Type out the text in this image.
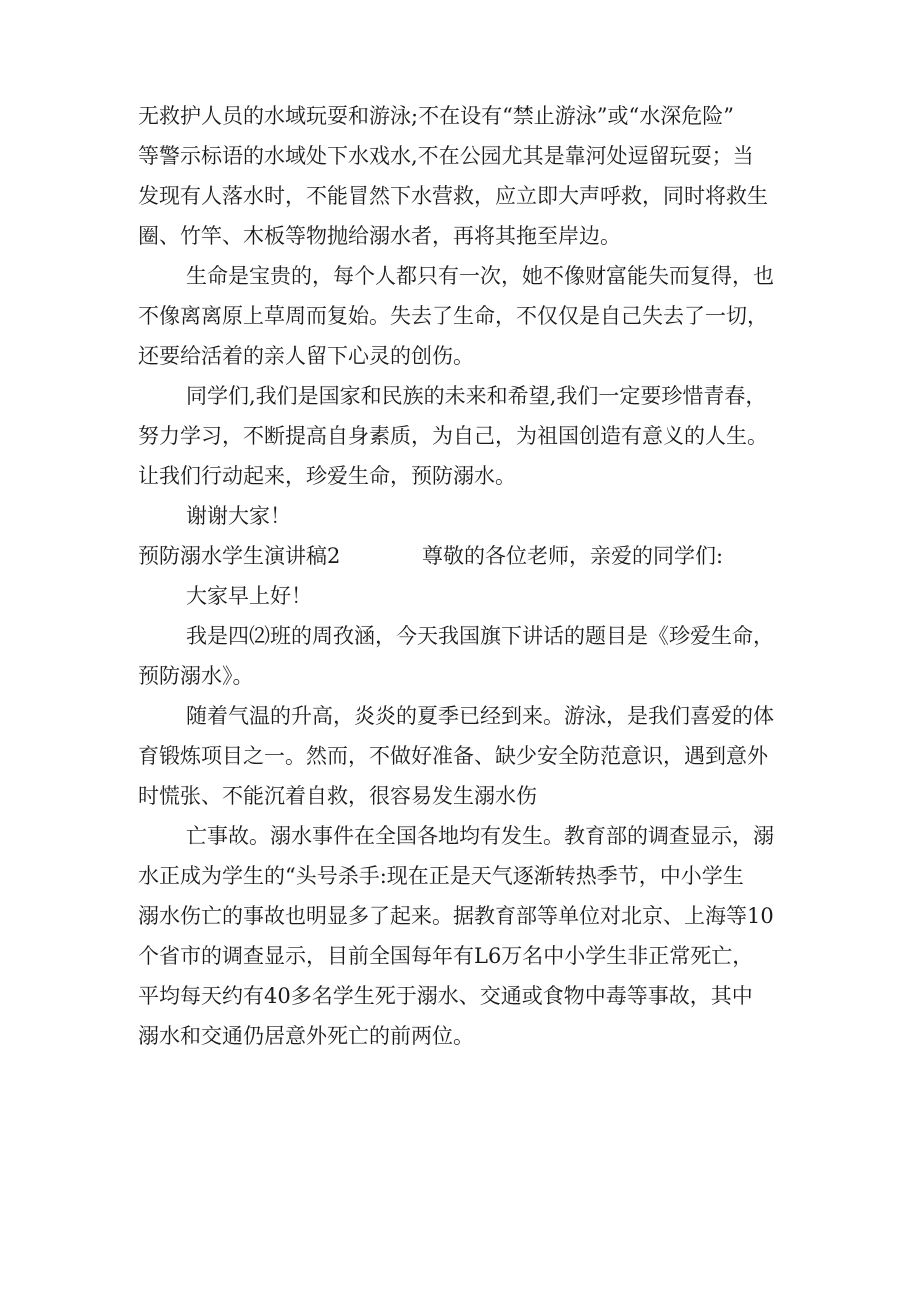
无救护人员的水域玩耍和游泳;不在设有“禁止游泳”或“水深危险”
等警示标语的水域处下水戏水,不在公园尤其是靠河处逗留玩耍；当
发现有人落水时，不能冒然下水营救，应立即大声呼救，同时将救生
圈、竹竿、木板等物抛给溺水者，再将其拖至岸边。
生命是宝贵的，每个人都只有一次，她不像财富能失而复得，也
不像离离原上草周而复始。失去了生命，不仅仅是自己失去了一切，
还要给活着的亲人留下心灵的创伤。
同学们,我们是国家和民族的未来和希望,我们一定要珍惜青春，
努力学习，不断提高自身素质，为自己，为祖国创造有意义的人生。
让我们行动起来，珍爱生命，预防溺水。
谢谢大家！
预防溺水学生演讲稿2	尊敬的各位老师，亲爱的同学们:
大家早上好！
我是四⑵班的周孜涵，今天我国旗下讲话的题目是《珍爱生命，
预防溺水》。
随着气温的升高，炎炎的夏季已经到来。游泳，是我们喜爱的体
育锻炼项目之一。然而，不做好准备、缺少安全防范意识，遇到意外
时慌张、不能沉着自救，很容易发生溺水伤
亡事故。溺水事件在全国各地均有发生。教育部的调查显示，溺
水正成为学生的“头号杀手:现在正是天气逐渐转热季节，中小学生
溺水伤亡的事故也明显多了起来。据教育部等单位对北京、上海等10
个省市的调查显示，目前全国每年有L6万名中小学生非正常死亡，
平均每天约有40多名学生死于溺水、交通或食物中毒等事故，其中
溺水和交通仍居意外死亡的前两位。
